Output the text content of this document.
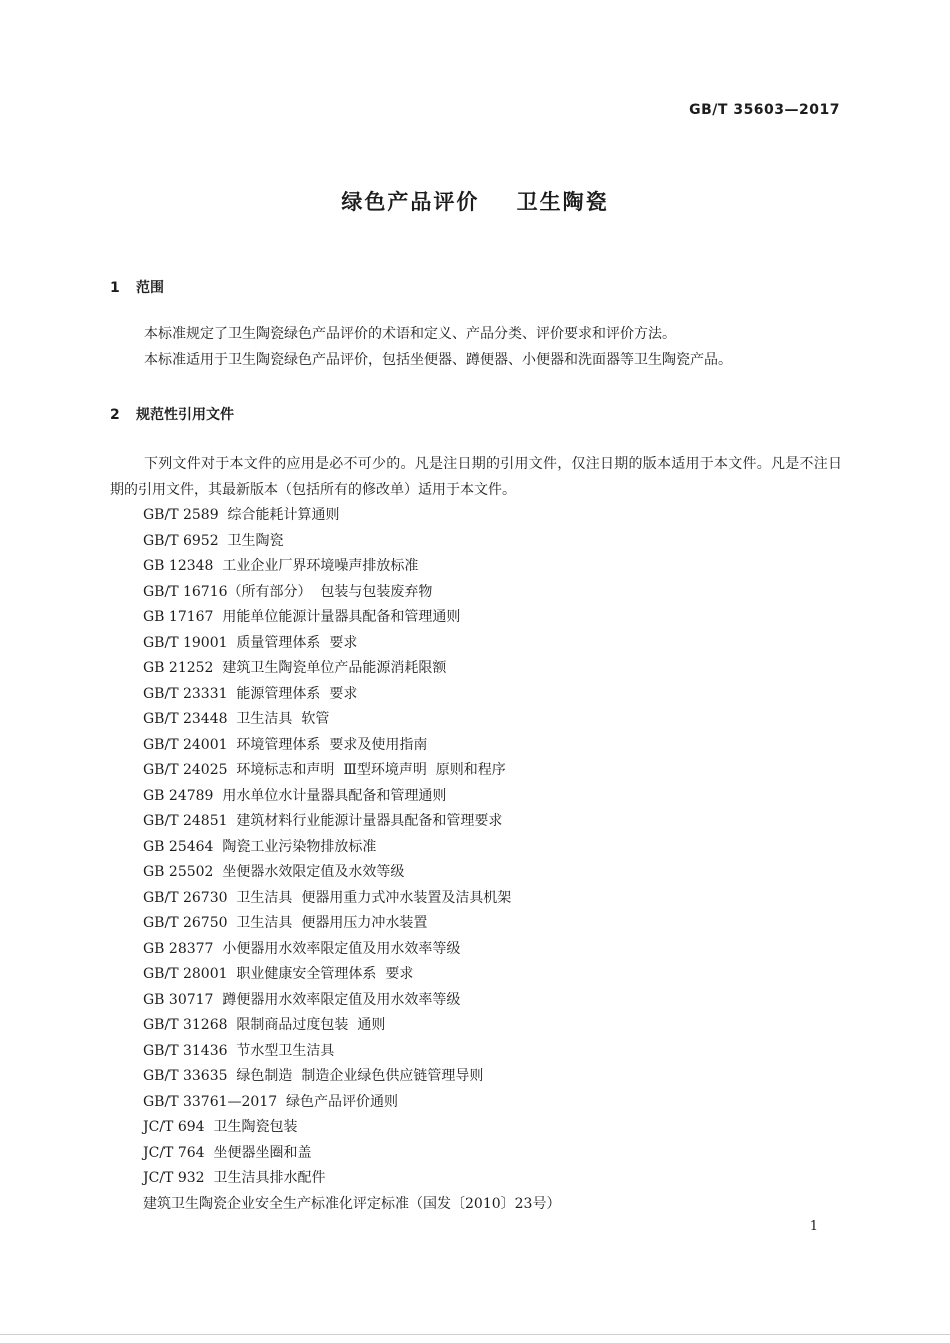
GB/T 35603—2017
绿色产品评价    卫生陶瓷
1 范围
本标准规定了卫生陶瓷绿色产品评价的术语和定义、产品分类、评价要求和评价方法。
本标准适用于卫生陶瓷绿色产品评价，包括坐便器、蹲便器、小便器和洗面器等卫生陶瓷产品。
2 规范性引用文件
下列文件对于本文件的应用是必不可少的。凡是注日期的引用文件，仅注日期的版本适用于本文件。凡是不注日期的引用文件，其最新版本（包括所有的修改单）适用于本文件。
GB/T 2589  综合能耗计算通则
GB/T 6952  卫生陶瓷
GB 12348  工业企业厂界环境噪声排放标准
GB/T 16716（所有部分）  包装与包装废弃物
GB 17167  用能单位能源计量器具配备和管理通则
GB/T 19001  质量管理体系  要求
GB 21252  建筑卫生陶瓷单位产品能源消耗限额
GB/T 23331  能源管理体系  要求
GB/T 23448  卫生洁具  软管
GB/T 24001  环境管理体系  要求及使用指南
GB/T 24025  环境标志和声明  Ⅲ型环境声明  原则和程序
GB 24789  用水单位水计量器具配备和管理通则
GB/T 24851  建筑材料行业能源计量器具配备和管理要求
GB 25464  陶瓷工业污染物排放标准
GB 25502  坐便器水效限定值及水效等级
GB/T 26730  卫生洁具  便器用重力式冲水装置及洁具机架
GB/T 26750  卫生洁具  便器用压力冲水装置
GB 28377  小便器用水效率限定值及用水效率等级
GB/T 28001  职业健康安全管理体系  要求
GB 30717  蹲便器用水效率限定值及用水效率等级
GB/T 31268  限制商品过度包装  通则
GB/T 31436  节水型卫生洁具
GB/T 33635  绿色制造  制造企业绿色供应链管理导则
GB/T 33761—2017  绿色产品评价通则
JC/T 694  卫生陶瓷包装
JC/T 764  坐便器坐圈和盖
JC/T 932  卫生洁具排水配件
建筑卫生陶瓷企业安全生产标准化评定标准（国发〔2010〕23号）
1
